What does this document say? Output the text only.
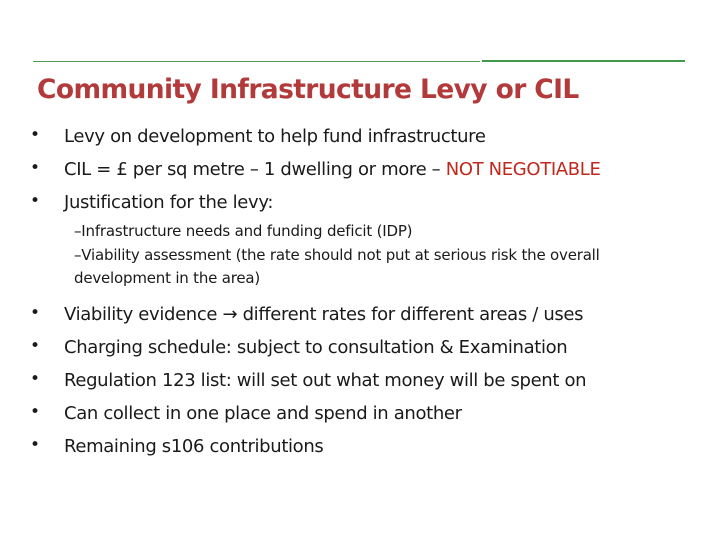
Community Infrastructure Levy or CIL
• Levy on development to help fund infrastructure
• CIL = £ per sq metre – 1 dwelling or more – NOT NEGOTIABLE
• Justification for the levy:
–Infrastructure needs and funding deficit (IDP)
–Viability assessment (the rate should not put at serious risk the overall development in the area)
• Viability evidence → different rates for different areas / uses
• Charging schedule: subject to consultation & Examination
• Regulation 123 list: will set out what money will be spent on
• Can collect in one place and spend in another
• Remaining s106 contributions
